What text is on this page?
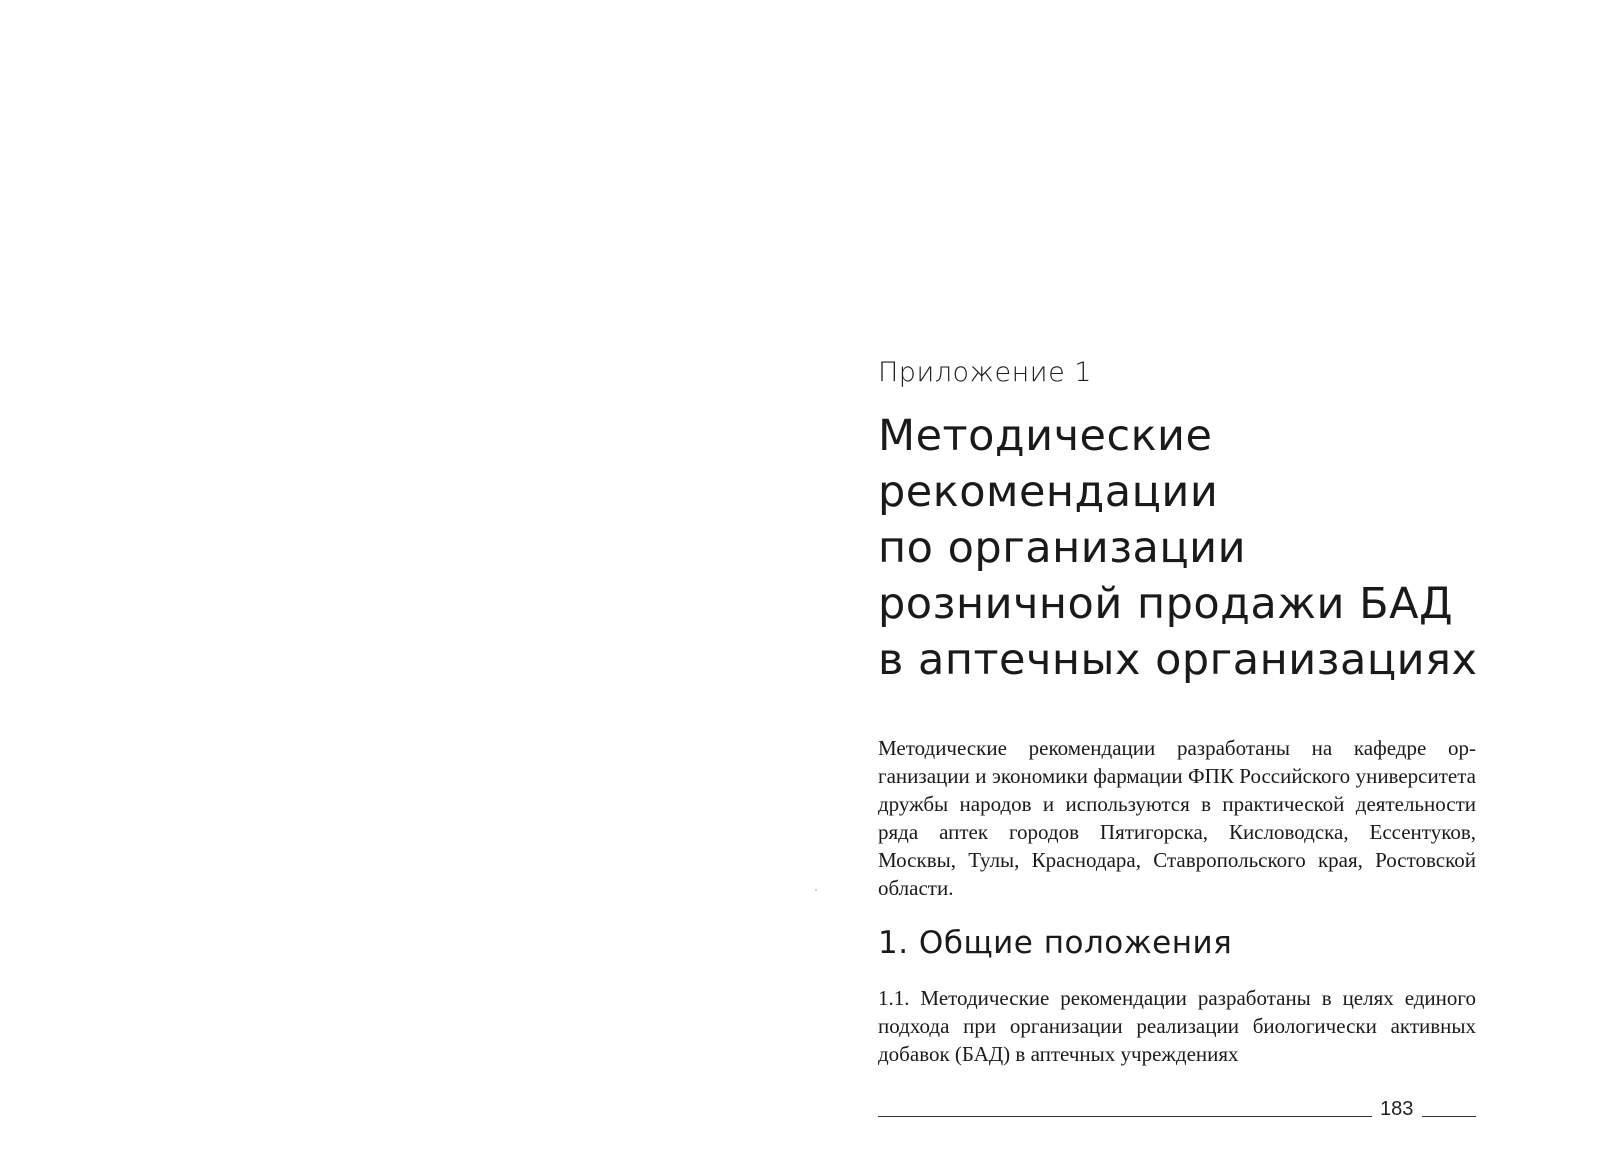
Приложение 1
Методические
рекомендации
по организации
розничной продажи БАД
в аптечных организациях

Методические рекомендации разработаны на кафедре организации и экономики фармации ФПК Российского университета дружбы народов и используются в практической деятельности ряда аптек городов Пятигорска, Кисловодска, Ессентуков, Москвы, Тулы, Краснодара, Ставропольского края, Ростовской области.

1. Общие положения

1.1. Методические рекомендации разработаны в целях единого подхода при организации реализации биологически активных добавок (БАД) в аптечных учреждениях

183
